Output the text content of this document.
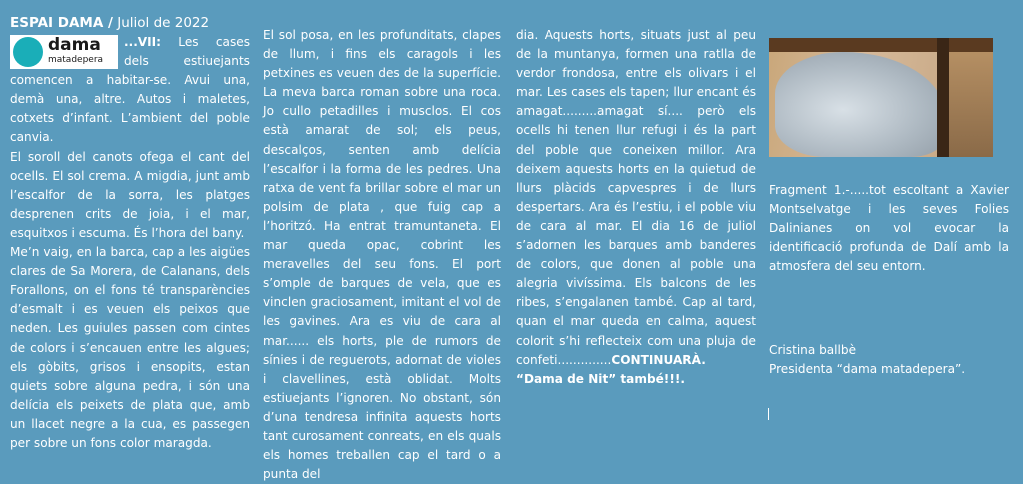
ESPAI DAMA / Juliol de 2022

dama
matadepera
...VII: Les cases dels estiuejants comencen a habitar-se. Avui una, demà una, altre. Autos i maletes, cotxets d’infant. L’ambient del poble canvia.

El soroll del canots ofega el cant del ocells. El sol crema. A migdia, junt amb l’escalfor de la sorra, les platges desprenen crits de joia, i el mar, esquitxos i escuma. És l’hora del bany.

Me’n vaig, en la barca, cap a les aigües clares de Sa Morera, de Calanans, dels Forallons, on el fons té transparències d’esmalt i es veuen els peixos que neden. Les guiules passen com cintes de colors i s’encauen entre les algues; els gòbits, grisos i ensopits, estan quiets sobre alguna pedra, i són una delícia els peixets de plata que, amb un llacet negre a la cua, es passegen per sobre un fons color maragda.

El sol posa, en les profunditats, clapes de llum, i fins els caragols i les petxines es veuen des de la superfície. La meva barca roman sobre una roca. Jo cullo petadilles i musclos. El cos està amarat de sol; els peus, descalços, senten amb delícia l’escalfor i la forma de les pedres. Una ratxa de vent fa brillar sobre el mar un polsim de plata , que fuig cap a l’horitzó. Ha entrat tramuntaneta. El mar queda opac, cobrint les meravelles del seu fons. El port s’omple de barques de vela, que es vinclen graciosament, imitant el vol de les gavines. Ara es viu de cara al mar...... els horts, ple de rumors de sínies i de reguerots, adornat de violes i clavellines, està oblidat. Molts estiuejants l’ignoren. No obstant, són d’una tendresa infinita aquests horts tant curosament conreats, en els quals els homes treballen cap el tard o a punta del

dia. Aquests horts, situats just al peu de la muntanya, formen una ratlla de verdor frondosa, entre els olivars i el mar. Les cases els tapen; llur encant és amagat.........amagat sí.... però els ocells hi tenen llur refugi i és la part del poble que coneixen millor. Ara deixem aquests horts en la quietud de llurs plàcids capvespres i de llurs despertars. Ara és l’estiu, i el poble viu de cara al mar. El dia 16 de juliol s’adornen les barques amb banderes de colors, que donen al poble una alegria vivíssima. Els balcons de les ribes, s’engalanen també. Cap al tard, quan el mar queda en calma, aquest colorit s’hi reflecteix com una pluja de confeti..............CONTINUARÀ. “Dama de Nit” també!!!.

Fragment 1.-.....tot escoltant a Xavier Montselvatge i les seves Folies Dalinianes on vol evocar la identificació profunda de Dalí amb la atmosfera del seu entorn.
Cristina ballbè
Presidenta “dama matadepera”.
